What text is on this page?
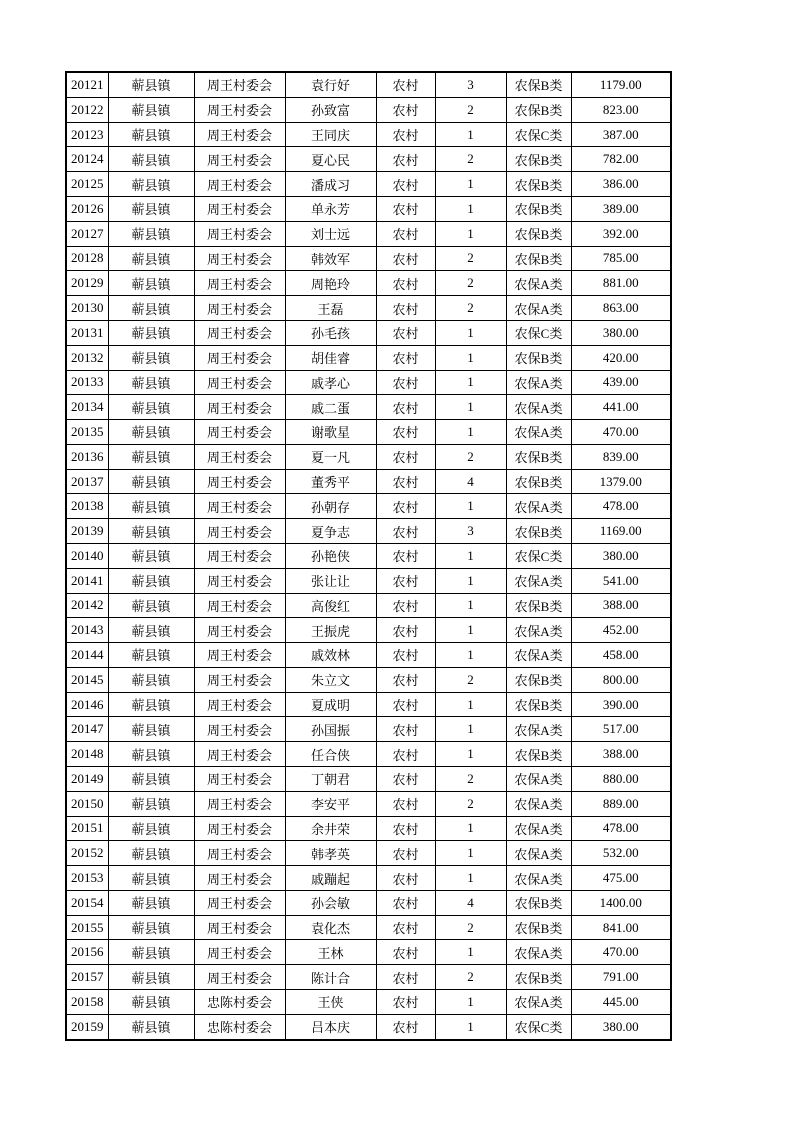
20121	蕲县镇	周王村委会	袁行好	农村	3	农保B类	1179.00
20122	蕲县镇	周王村委会	孙致富	农村	2	农保B类	823.00
20123	蕲县镇	周王村委会	王同庆	农村	1	农保C类	387.00
20124	蕲县镇	周王村委会	夏心民	农村	2	农保B类	782.00
20125	蕲县镇	周王村委会	潘成习	农村	1	农保B类	386.00
20126	蕲县镇	周王村委会	单永芳	农村	1	农保B类	389.00
20127	蕲县镇	周王村委会	刘士远	农村	1	农保B类	392.00
20128	蕲县镇	周王村委会	韩效军	农村	2	农保B类	785.00
20129	蕲县镇	周王村委会	周艳玲	农村	2	农保A类	881.00
20130	蕲县镇	周王村委会	王磊	农村	2	农保A类	863.00
20131	蕲县镇	周王村委会	孙毛孩	农村	1	农保C类	380.00
20132	蕲县镇	周王村委会	胡佳睿	农村	1	农保B类	420.00
20133	蕲县镇	周王村委会	戚孝心	农村	1	农保A类	439.00
20134	蕲县镇	周王村委会	戚二蛋	农村	1	农保A类	441.00
20135	蕲县镇	周王村委会	谢歌星	农村	1	农保A类	470.00
20136	蕲县镇	周王村委会	夏一凡	农村	2	农保B类	839.00
20137	蕲县镇	周王村委会	董秀平	农村	4	农保B类	1379.00
20138	蕲县镇	周王村委会	孙朝存	农村	1	农保A类	478.00
20139	蕲县镇	周王村委会	夏争志	农村	3	农保B类	1169.00
20140	蕲县镇	周王村委会	孙艳侠	农村	1	农保C类	380.00
20141	蕲县镇	周王村委会	张让让	农村	1	农保A类	541.00
20142	蕲县镇	周王村委会	高俊红	农村	1	农保B类	388.00
20143	蕲县镇	周王村委会	王振虎	农村	1	农保A类	452.00
20144	蕲县镇	周王村委会	戚效林	农村	1	农保A类	458.00
20145	蕲县镇	周王村委会	朱立文	农村	2	农保B类	800.00
20146	蕲县镇	周王村委会	夏成明	农村	1	农保B类	390.00
20147	蕲县镇	周王村委会	孙国振	农村	1	农保A类	517.00
20148	蕲县镇	周王村委会	任合侠	农村	1	农保B类	388.00
20149	蕲县镇	周王村委会	丁朝君	农村	2	农保A类	880.00
20150	蕲县镇	周王村委会	李安平	农村	2	农保A类	889.00
20151	蕲县镇	周王村委会	余井荣	农村	1	农保A类	478.00
20152	蕲县镇	周王村委会	韩孝英	农村	1	农保A类	532.00
20153	蕲县镇	周王村委会	戚蹦起	农村	1	农保A类	475.00
20154	蕲县镇	周王村委会	孙会敏	农村	4	农保B类	1400.00
20155	蕲县镇	周王村委会	袁化杰	农村	2	农保B类	841.00
20156	蕲县镇	周王村委会	王林	农村	1	农保A类	470.00
20157	蕲县镇	周王村委会	陈计合	农村	2	农保B类	791.00
20158	蕲县镇	忠陈村委会	王侠	农村	1	农保A类	445.00
20159	蕲县镇	忠陈村委会	吕本庆	农村	1	农保C类	380.00
